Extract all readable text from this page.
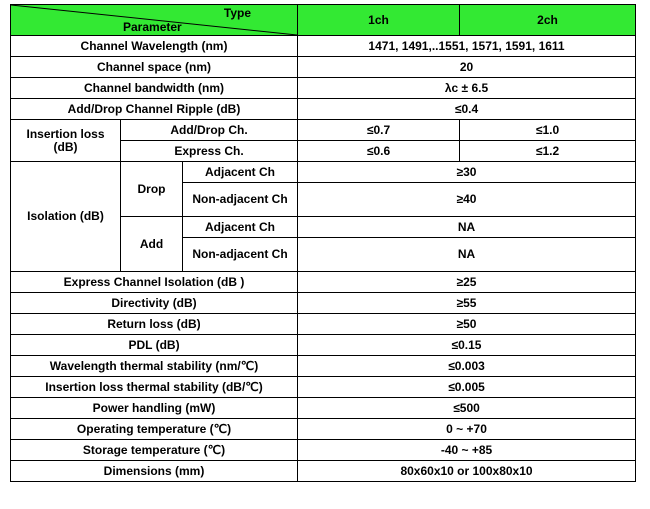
Type
Parameter			1ch	2ch
Channel Wavelength (nm)			1471, 1491,..1551, 1571, 1591, 1611	
Channel space (nm)			20	
Channel bandwidth (nm)			λc ± 6.5	
Add/Drop Channel Ripple (dB)			≤0.4	
Insertion loss (dB)	Add/Drop Ch.		≤0.7	≤1.0
	Express Ch.		≤0.6	≤1.2
Isolation (dB)	Drop	Adjacent Ch	≥30	
		Non-adjacent Ch	≥40	
	Add	Adjacent Ch	NA	
		Non-adjacent Ch	NA	
Express Channel Isolation (dB )			≥25	
Directivity (dB)			≥55	
Return loss (dB)			≥50	
PDL (dB)			≤0.15	
Wavelength thermal stability (nm/℃)			≤0.003	
Insertion loss thermal stability (dB/℃)			≤0.005	
Power handling (mW)			≤500	
Operating temperature (℃)			0 ~ +70	
Storage temperature (℃)			-40 ~ +85	
Dimensions (mm)			80x60x10 or 100x80x10	
